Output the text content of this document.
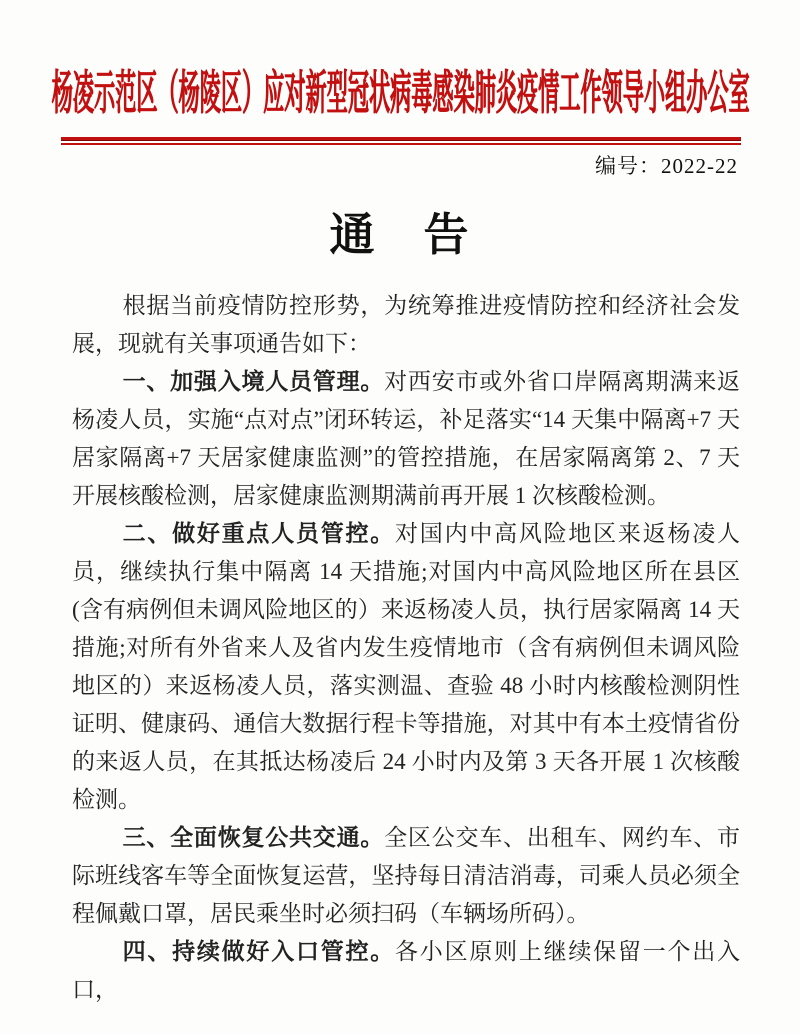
杨凌示范区（杨陵区）应对新型冠状病毒感染肺炎疫情工作领导小组办公室
编号：2022-22
通　告

根据当前疫情防控形势，为统筹推进疫情防控和经济社会发展，现就有关事项通告如下：

一、加强入境人员管理。对西安市或外省口岸隔离期满来返杨凌人员，实施“点对点”闭环转运，补足落实“14 天集中隔离+7 天居家隔离+7 天居家健康监测”的管控措施，在居家隔离第 2、7 天开展核酸检测，居家健康监测期满前再开展 1 次核酸检测。

二、做好重点人员管控。对国内中高风险地区来返杨凌人员，继续执行集中隔离 14 天措施;对国内中高风险地区所在县区(含有病例但未调风险地区的）来返杨凌人员，执行居家隔离 14 天措施;对所有外省来人及省内发生疫情地市（含有病例但未调风险地区的）来返杨凌人员，落实测温、查验 48 小时内核酸检测阴性证明、健康码、通信大数据行程卡等措施，对其中有本土疫情省份的来返人员，在其抵达杨凌后 24 小时内及第 3 天各开展 1 次核酸检测。

三、全面恢复公共交通。全区公交车、出租车、网约车、市际班线客车等全面恢复运营，坚持每日清洁消毒，司乘人员必须全程佩戴口罩，居民乘坐时必须扫码（车辆场所码）。

四、持续做好入口管控。各小区原则上继续保留一个出入口，
